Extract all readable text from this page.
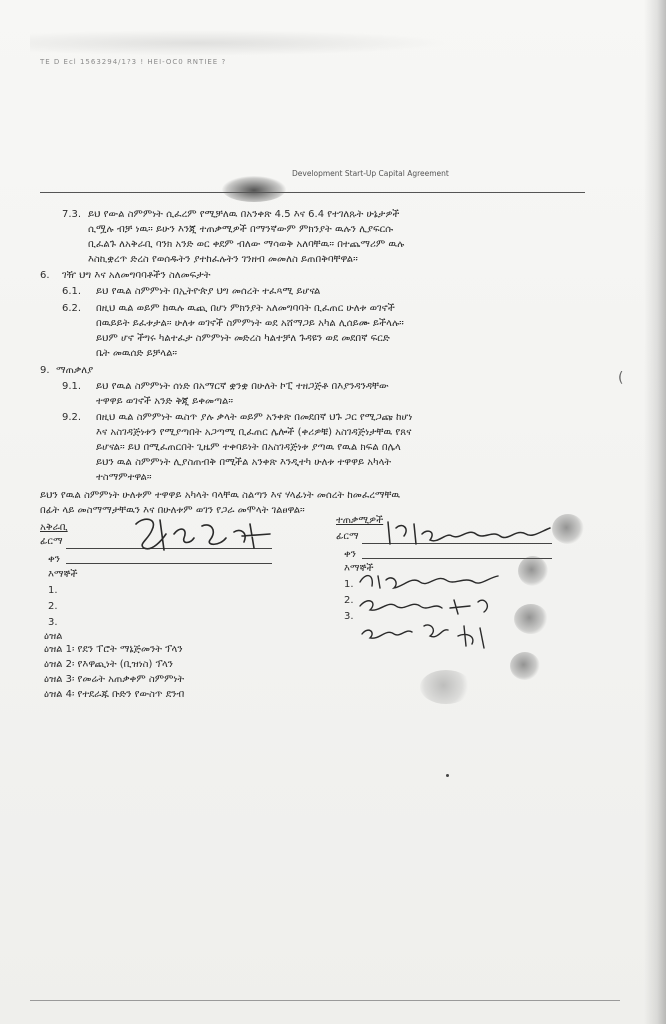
TE D Ecl 1563294/1?3 ! HEI-OC0 RNTIEE ?
Development Start-Up Capital Agreement
7.3. ይህ የውል ስምምነት ሲፈረም የሚቻለዉ በአንቀጽ 4.5 እና 6.4 የተገለጹት ሁኔታዎች
ሲሟሉ ብቻ ነዉ። ይሁን እንጂ ተጠቃሚዎች በማንኛውም ምክንያት ዉሉን ሊያፍርሱ
ቢፈልጉ ለአቅራቢ ባንክ አንድ ወር ቀደም ብለው ማሳወቅ አለባቸዉ። በተጨማሪም ዉሉ
እስኪቋረጥ ድረስ የወሰዱትን ያተከፈሉትን ገንዘብ መመለስ ይጠበቅባቸዋል።
6. ገዥ ህግ እና አለመግባባቶችን ስለመፍታት
6.1. ይህ የዉል ስምምነት በኢትዮጵያ ህግ መሰረት ተፈጻሚ ይሆናል
6.2. በዚህ ዉል ወይም ከዉሉ ዉጪ በሆነ ምክንያት አለመግባባት ቢፈጠር ሁለቱ ወገኖች
በዉይይት ይፈቱታል። ሁለቱ ወገኖች ስምምነት ወደ አሸማጋይ አካል ሊሰይሙ ይችላሉ።
ይህም ሆኖ ችግሩ ካልተፈታ ስምምነት መድረስ ካልተቻለ ጉዳዩን ወደ መደበኛ ፍርድ
ቤት መዉሰድ ይቻላል።
9. ማጠቃለያ
9.1. ይህ የዉል ስምምነት ሰነድ በአማርኛ ቋንቋ በሁለት ኮፒ ተዘጋጅቶ በእያንዳንዳቸው
ተዋዋይ ወገኖች አንድ ቅጂ ይቀመጣል።
9.2. በዚህ ዉል ስምምነት ዉስጥ ያሉ ቃላት ወይም አንቀጽ በመደበኛ ህጉ ጋር የሚጋጩ ከሆነ
እና አስገዳጅነቱን የሚያጣበት አጋጣሚ ቢፈጠር ሌሎች (ቀሪዎቹ) አስገዳጅነታቸዉ የጸና
ይሆናል። ይህ በሚፈጠርበት ጊዜም ተቀባይነት በአስገዳጅነቱ ያጣዉ የዉል ክፍል በሌላ
ይህን ዉል ስምምነት ሊያስጠብቅ በሚችል አንቀጽ እንዲተካ ሁለቱ ተዋዋይ አካላት
ተስማምተዋል።
ይህን የዉል ስምምነት ሁለቱም ተዋዋይ አካላት ባላቸዉ ስልጣን እና ሃላፊነት መሰረት ከመፈረማቸዉ
በፊት ላይ መስማማታቸዉን እና በሁለቱም ወገን የጋራ መሞላት ገልፀዋል።
አቅራቢ
ፊርማ
ቀን
እማኞች
1.
2.
3.
ተጠቃሚዎች
ፊርማ
ቀን
እማኞች
1.
2.
3.
ዕዝል
ዕዝል 1፡ የደን ፐሮት ማኔጅመንት ፕላን
ዕዝል 2፡ የእዋጪነት (ቢዝነስ) ፕላን
ዕዝል 3፡ የመሬት አጠቃቀም ስምምነት
ዕዝል 4፡ የተደራጁ ቡድን የውስጥ ደንብ
(
